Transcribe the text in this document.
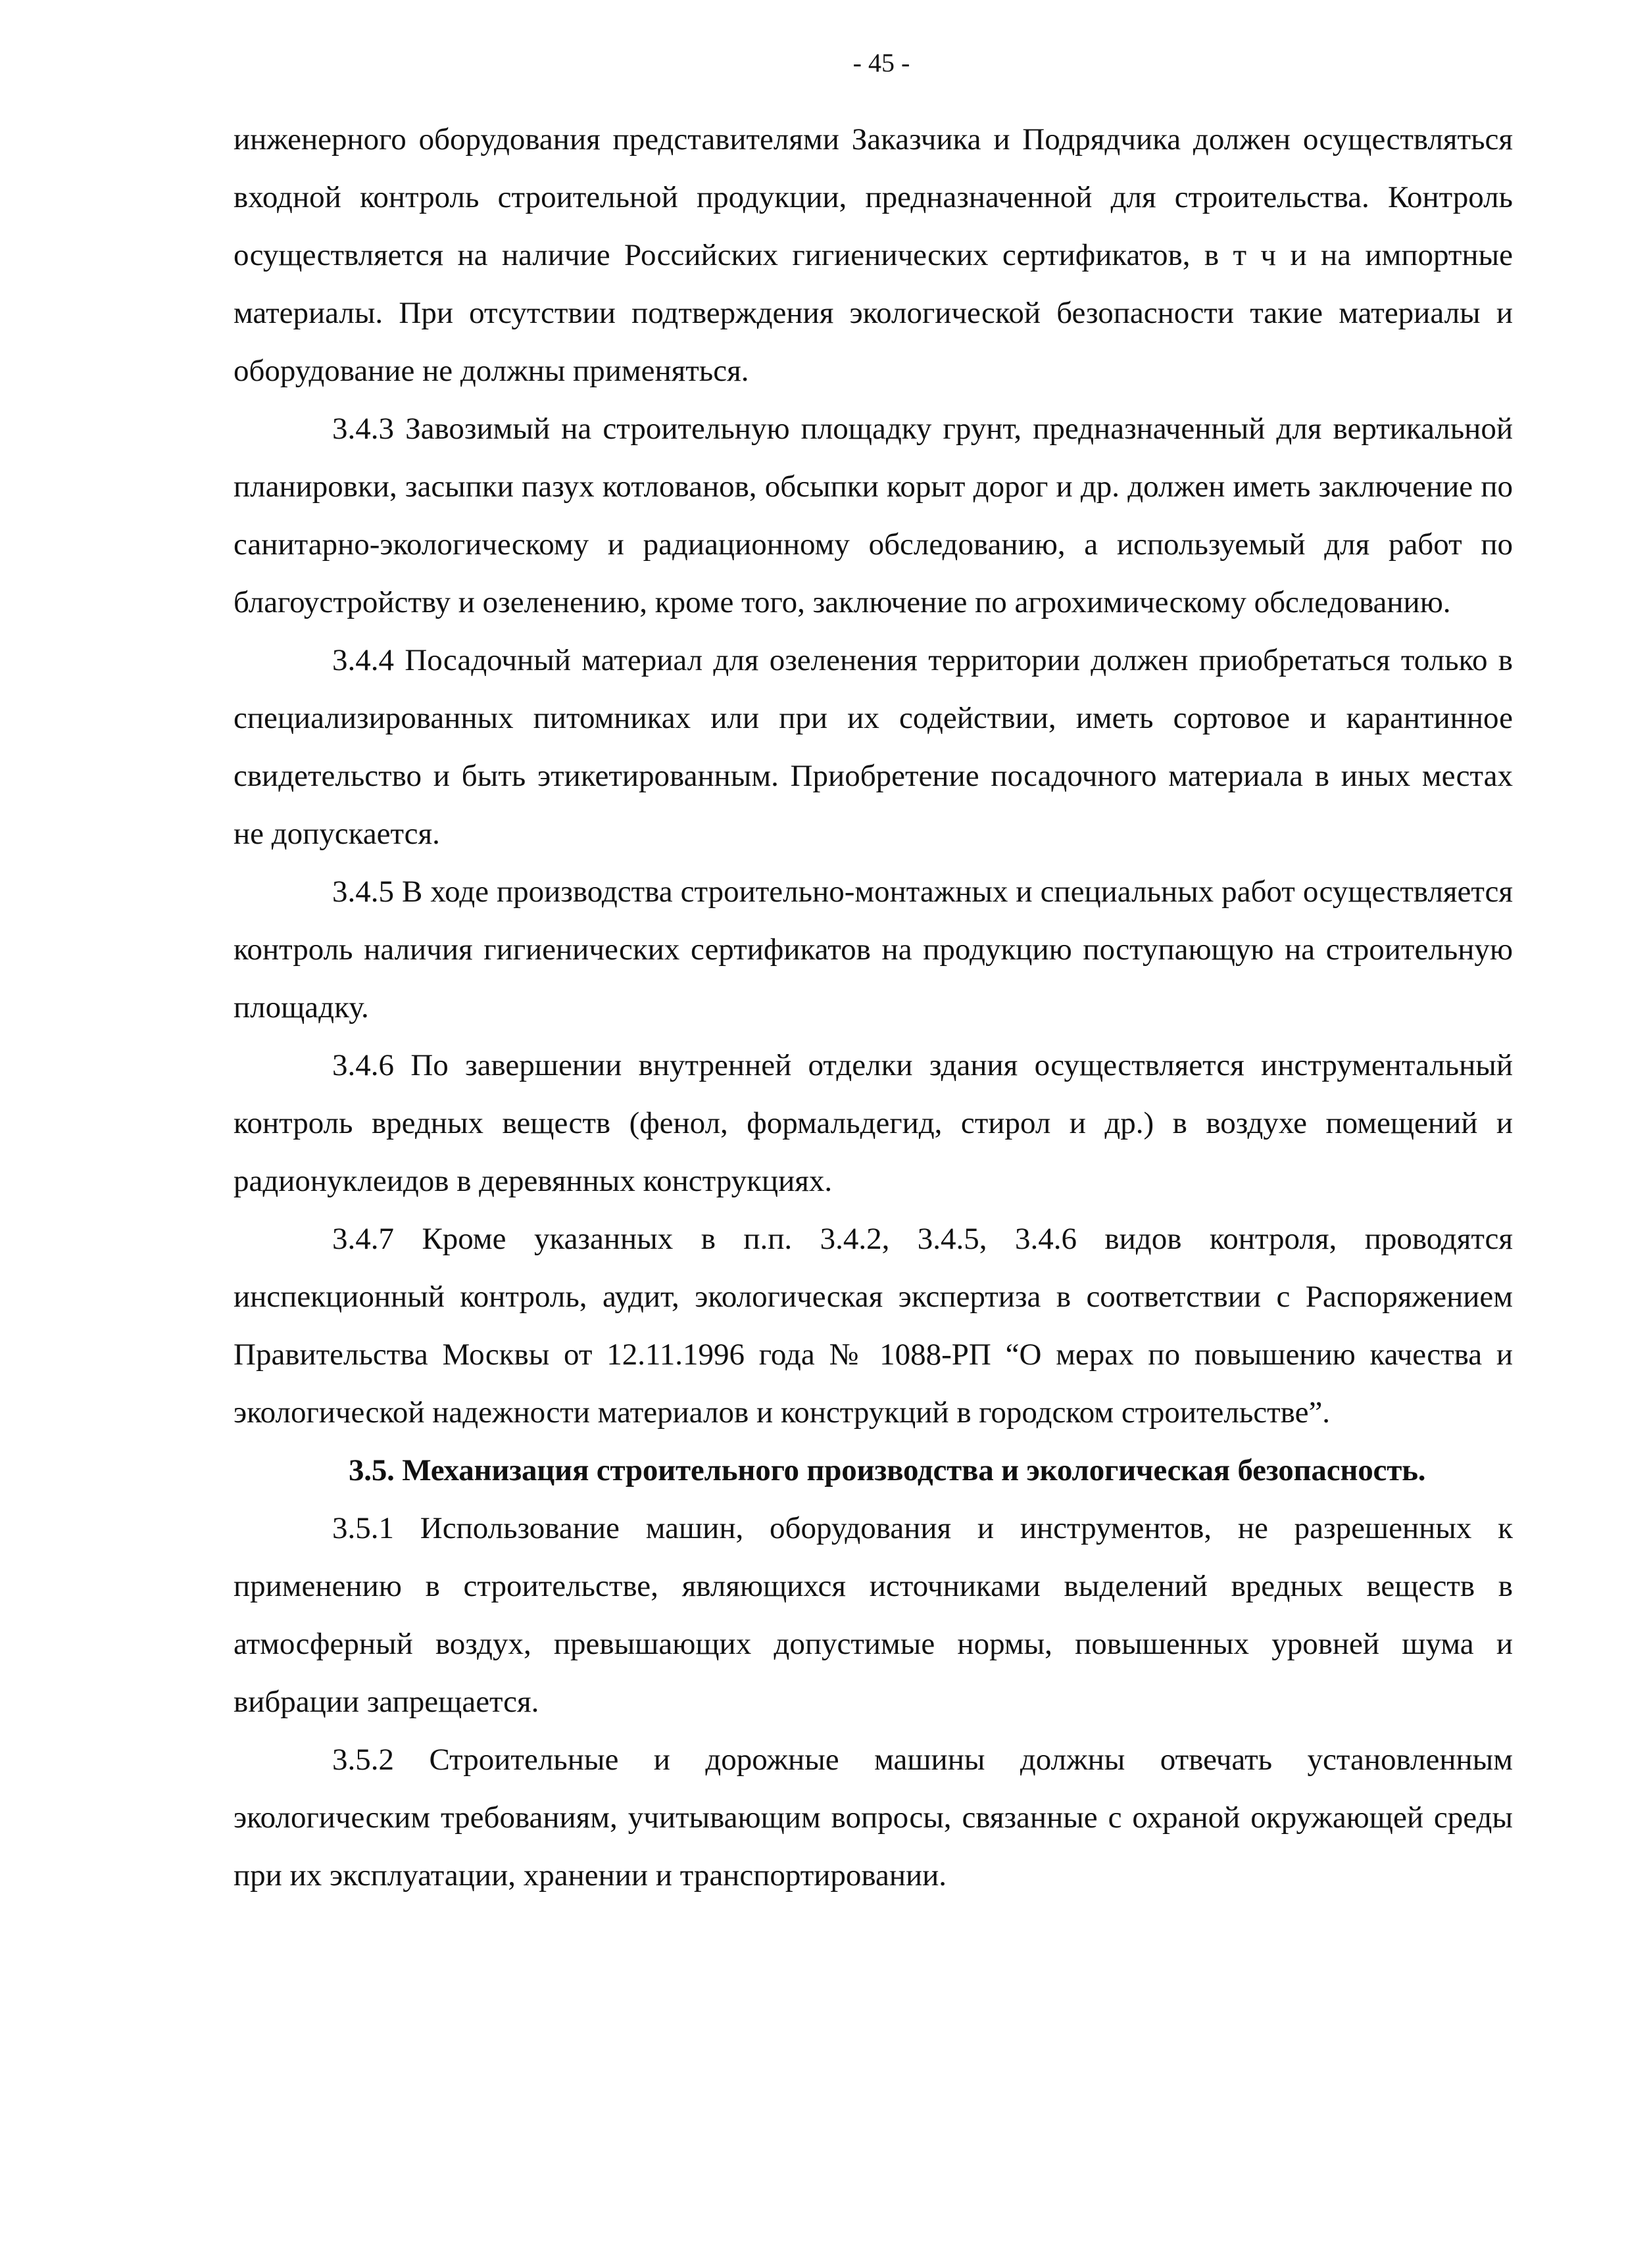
- 45 -

инженерного оборудования представителями Заказчика и Подрядчика должен осуществляться входной контроль строительной продукции, предназначенной для строительства. Контроль осуществляется на наличие Российских гигиенических сертификатов, в т ч и на импортные материалы. При отсутствии подтверждения экологической безопасности такие материалы и оборудование не должны применяться.

3.4.3 Завозимый на строительную площадку грунт, предназначенный для вертикальной планировки, засыпки пазух котлованов, обсыпки корыт дорог и др. должен иметь заключение по санитарно-экологическому и радиационному обследованию, а используемый для работ по благоустройству и озеленению, кроме того, заключение по агрохимическому обследованию.

3.4.4 Посадочный материал для озеленения территории должен приобретаться только в специализированных питомниках или при их содействии, иметь сортовое и карантинное свидетельство и быть этикетированным. Приобретение посадочного материала в иных местах не допускается.

3.4.5 В ходе производства строительно-монтажных и специальных работ осуществляется контроль наличия гигиенических сертификатов на продукцию поступающую на строительную площадку.

3.4.6 По завершении внутренней отделки здания осуществляется инструментальный контроль вредных веществ (фенол, формальдегид, стирол и др.) в воздухе помещений и радионуклеидов в деревянных конструкциях.

3.4.7 Кроме указанных в п.п. 3.4.2, 3.4.5, 3.4.6 видов контроля, проводятся инспекционный контроль, аудит, экологическая экспертиза в соответствии с Распоряжением Правительства Москвы от 12.11.1996 года № 1088-РП “О мерах по повышению качества и экологической надежности материалов и конструкций в городском строительстве”.

3.5. Механизация строительного производства и экологическая безопасность.

3.5.1 Использование машин, оборудования и инструментов, не разрешенных к применению в строительстве, являющихся источниками выделений вредных веществ в атмосферный воздух, превышающих допустимые нормы, повышенных уровней шума и вибрации запрещается.

3.5.2 Строительные и дорожные машины должны отвечать установленным экологическим требованиям, учитывающим вопросы, связанные с охраной окружающей среды при их эксплуатации, хранении и транспортировании.
